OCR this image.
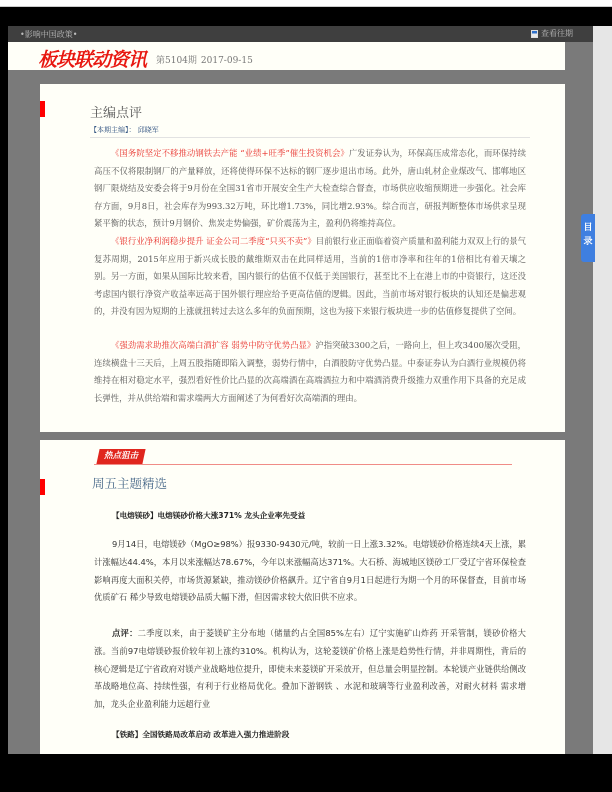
•影响中国政策•	查看往期
板块联动资讯 第5104期 2017-09-15
主编点评
【本期主编】： 邱晓军
《国务院坚定不移推动钢铁去产能 “业绩+旺季”催生投资机会》广发证券认为，环保高压成常态化，而环保持续高压不仅将限制钢厂的产量释放，还将使得环保不达标的钢厂逐步退出市场。此外，唐山轧材企业煤改气、邯郸地区钢厂限烧结及安委会将于9月份在全国31省市开展安全生产大检查综合督查，市场供应收缩预期进一步强化。社会库存方面，9月8日，社会库存为993.32万吨，环比增1.73%，同比增2.93%。综合而言，研报判断整体市场供求呈现紧平衡的状态，预计9月钢价、焦炭走势偏强，矿价震荡为主，盈利仍将维持高位。
《银行业净利润稳步提升 证金公司二季度“只买不卖”》目前银行业正面临着资产质量和盈利能力双双上行的景气复苏周期，2015年应用于新兴成长股的戴维斯双击在此同样适用，当前的1倍市净率和往年的1倍相比有着天壤之别。另一方面，如果从国际比较来看，国内银行的估值不仅低于美国银行，甚至比不上在港上市的中资银行，这还没考虑国内银行净资产收益率远高于国外银行理应给予更高估值的逻辑。因此，当前市场对银行板块的认知还是偏悲观的，并没有因为短期的上涨就扭转过去这么多年的负面预期，这也为接下来银行板块进一步的估值修复提供了空间。
《强劲需求助推次高端白酒扩容 弱势中防守优势凸显》沪指突破3300之后，一路向上，但上攻3400屡次受阻，连续横盘十三天后，上周五股指随即陷入调整，弱势行情中，白酒股防守优势凸显。中泰证券认为白酒行业规模仍将维持在相对稳定水平，强烈看好性价比凸显的次高端酒在高端酒拉力和中端酒消费升级推力双重作用下具备的充足成长弹性，并从供给端和需求端两大方面阐述了为何看好次高端酒的理由。
热点狙击
周五主题精选
【电熔镁砂】电熔镁砂价格大涨371% 龙头企业率先受益
9月14日，电熔镁砂（MgO≥98%）报9330-9430元/吨，较前一日上涨3.32%。电熔镁砂价格连续4天上涨，累计涨幅达44.4%，本月以来涨幅达78.67%，今年以来涨幅高达371%。大石桥、海城地区镁砂工厂受辽宁省环保检查影响再度大面积关停，市场货源紧缺，推动镁砂价格飙升。辽宁省自9月1日起进行为期一个月的环保督查，目前市场优质矿石 稀少导致电熔镁砂品质大幅下滑，但因需求较大依旧供不应求。
点评：二季度以来，由于菱镁矿主分布地（储量约占全国85%左右）辽宁实施矿山炸药 开采管制，镁砂价格大涨。当前97电熔镁砂报价较年初上涨约310%。机构认为，这轮菱镁矿价格上涨是趋势性行情，并非周期性，背后的核心逻辑是辽宁省政府对镁产业战略地位提升，即使未来菱镁矿开采放开，但总量会明显控制。本轮镁产业链供给侧改革战略地位高、持续性强，有利于行业格局优化。叠加下游钢铁 、水泥和玻璃等行业盈利改善，对耐火材料 需求增加，龙头企业盈利能力远超行业
【铁路】全国铁路局改革启动 改革进入强力推进阶段
目录
